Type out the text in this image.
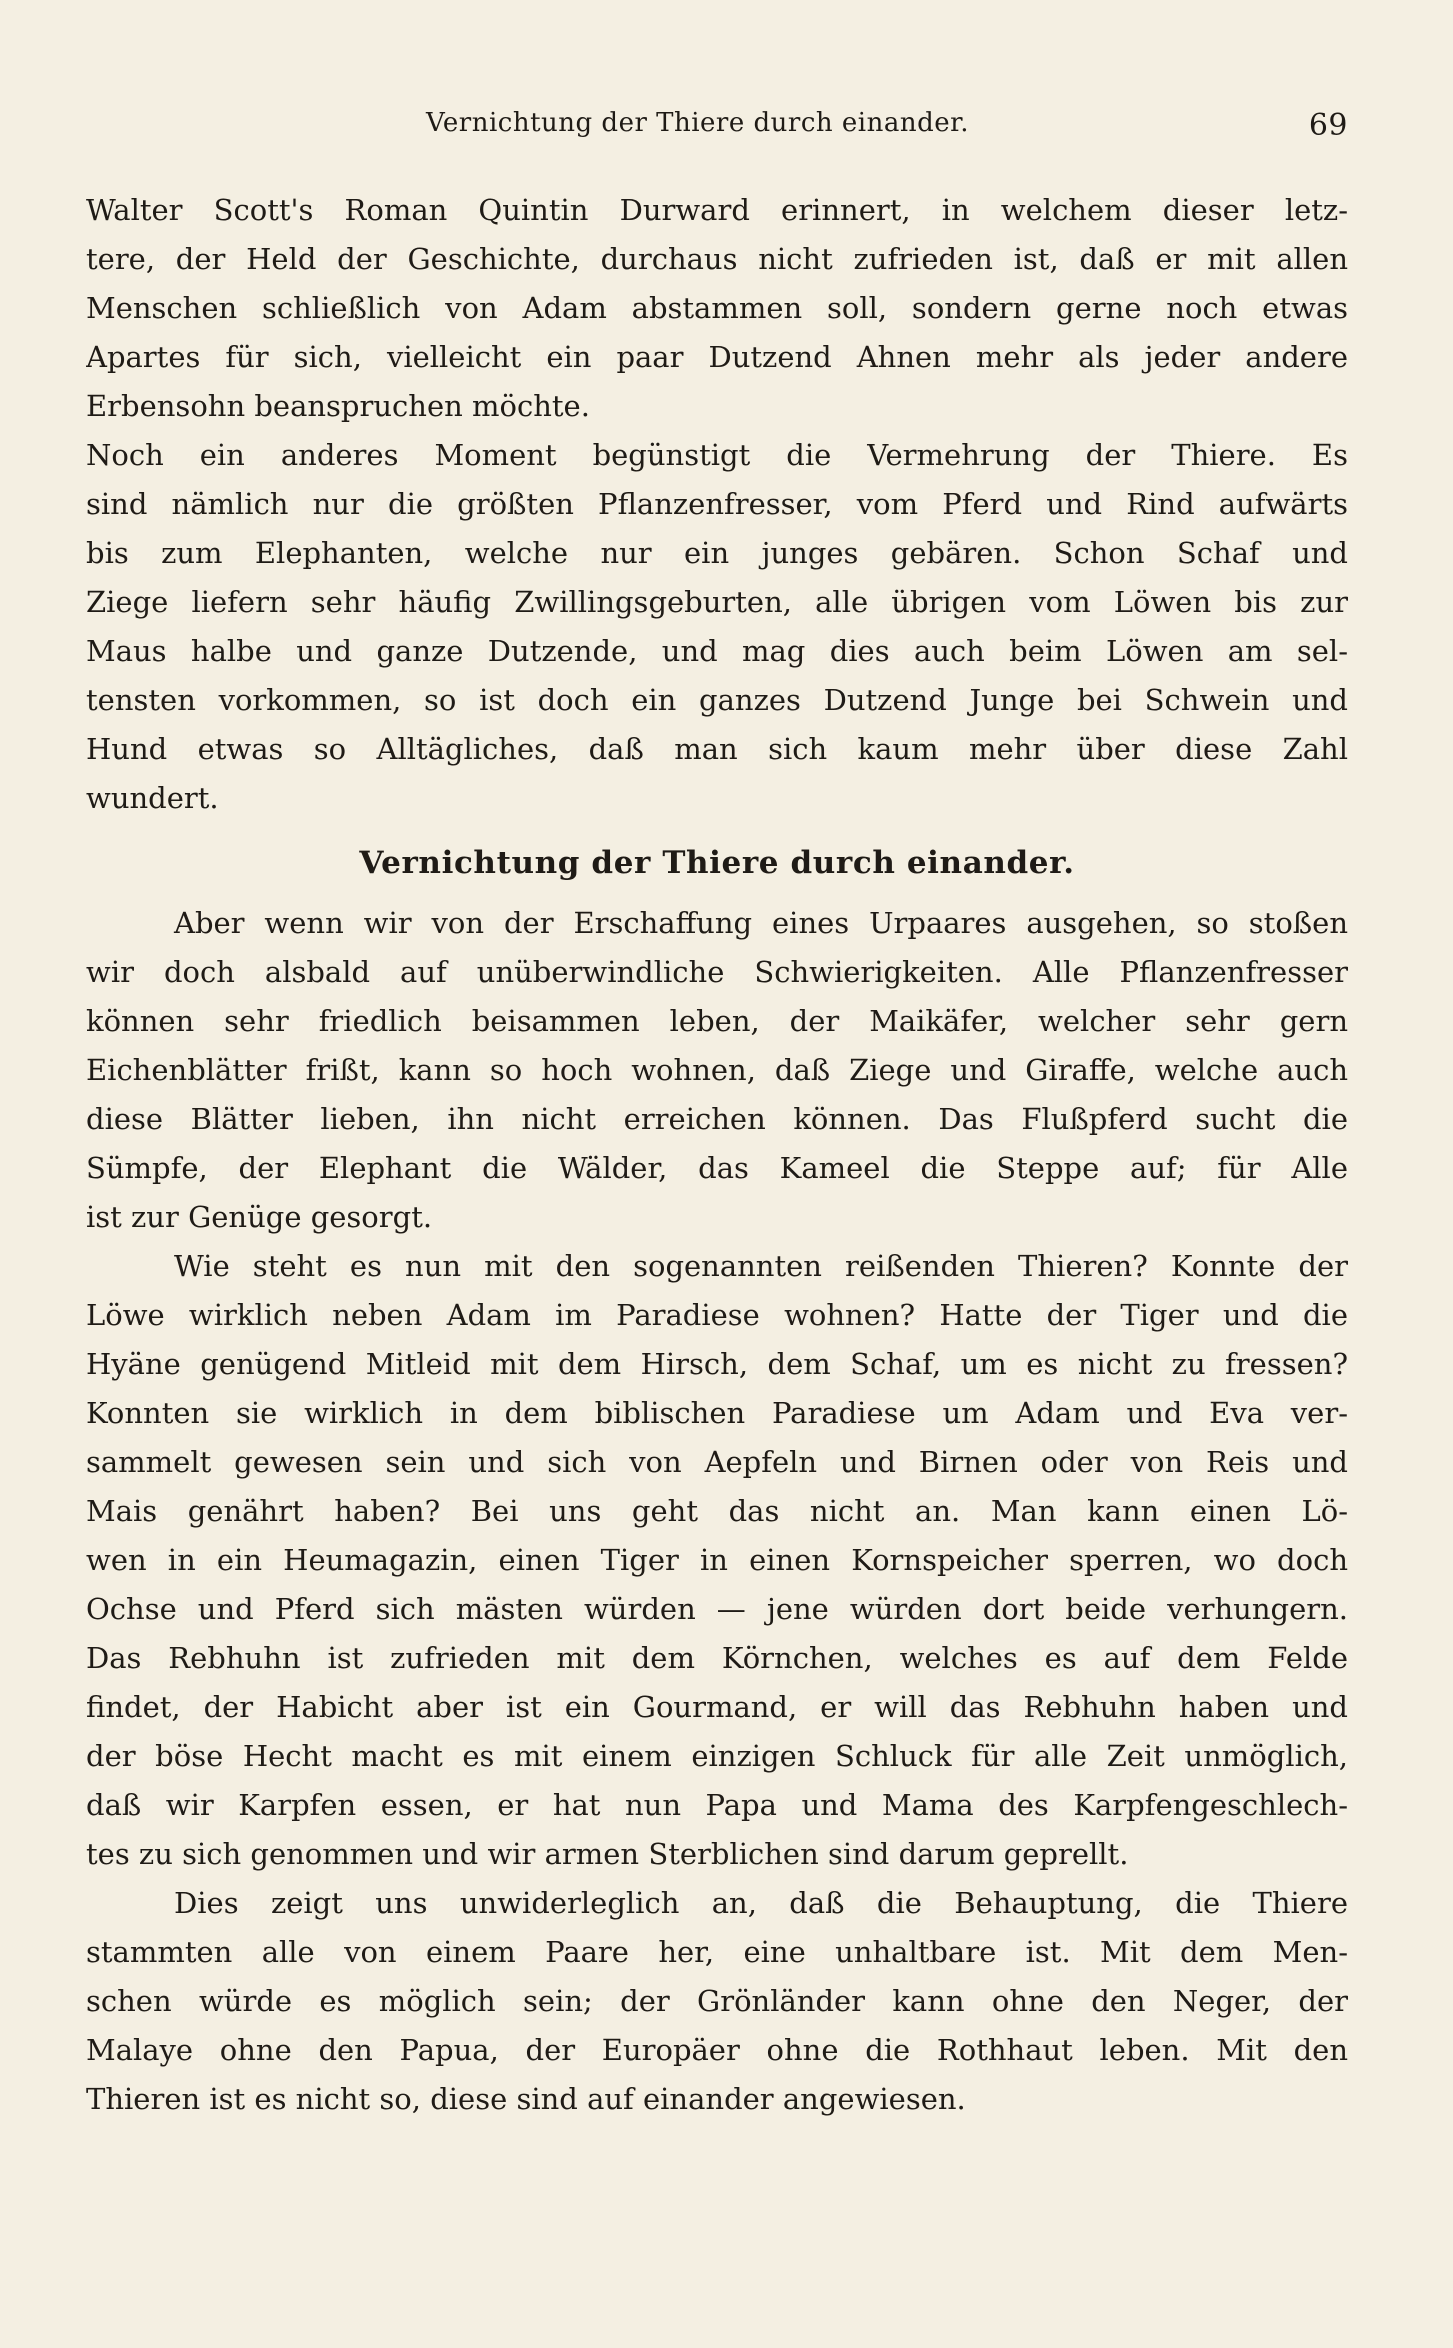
Vernichtung der Thiere durch einander.	69
Walter Scott's Roman Quintin Durward erinnert, in welchem dieser letz-
tere, der Held der Geschichte, durchaus nicht zufrieden ist, daß er mit allen
Menschen schließlich von Adam abstammen soll, sondern gerne noch etwas
Apartes für sich, vielleicht ein paar Dutzend Ahnen mehr als jeder andere
Erbensohn beanspruchen möchte.
Noch ein anderes Moment begünstigt die Vermehrung der Thiere. Es
sind nämlich nur die größten Pflanzenfresser, vom Pferd und Rind aufwärts
bis zum Elephanten, welche nur ein junges gebären. Schon Schaf und
Ziege liefern sehr häufig Zwillingsgeburten, alle übrigen vom Löwen bis zur
Maus halbe und ganze Dutzende, und mag dies auch beim Löwen am sel-
tensten vorkommen, so ist doch ein ganzes Dutzend Junge bei Schwein und
Hund etwas so Alltägliches, daß man sich kaum mehr über diese Zahl
wundert.
Vernichtung der Thiere durch einander.
Aber wenn wir von der Erschaffung eines Urpaares ausgehen, so stoßen
wir doch alsbald auf unüberwindliche Schwierigkeiten. Alle Pflanzenfresser
können sehr friedlich beisammen leben, der Maikäfer, welcher sehr gern
Eichenblätter frißt, kann so hoch wohnen, daß Ziege und Giraffe, welche auch
diese Blätter lieben, ihn nicht erreichen können. Das Flußpferd sucht die
Sümpfe, der Elephant die Wälder, das Kameel die Steppe auf; für Alle
ist zur Genüge gesorgt.
Wie steht es nun mit den sogenannten reißenden Thieren? Konnte der
Löwe wirklich neben Adam im Paradiese wohnen? Hatte der Tiger und die
Hyäne genügend Mitleid mit dem Hirsch, dem Schaf, um es nicht zu fressen?
Konnten sie wirklich in dem biblischen Paradiese um Adam und Eva ver-
sammelt gewesen sein und sich von Aepfeln und Birnen oder von Reis und
Mais genährt haben? Bei uns geht das nicht an. Man kann einen Lö-
wen in ein Heumagazin, einen Tiger in einen Kornspeicher sperren, wo doch
Ochse und Pferd sich mästen würden — jene würden dort beide verhungern.
Das Rebhuhn ist zufrieden mit dem Körnchen, welches es auf dem Felde
findet, der Habicht aber ist ein Gourmand, er will das Rebhuhn haben und
der böse Hecht macht es mit einem einzigen Schluck für alle Zeit unmöglich,
daß wir Karpfen essen, er hat nun Papa und Mama des Karpfengeschlech-
tes zu sich genommen und wir armen Sterblichen sind darum geprellt.
Dies zeigt uns unwiderleglich an, daß die Behauptung, die Thiere
stammten alle von einem Paare her, eine unhaltbare ist. Mit dem Men-
schen würde es möglich sein; der Grönländer kann ohne den Neger, der
Malaye ohne den Papua, der Europäer ohne die Rothhaut leben. Mit den
Thieren ist es nicht so, diese sind auf einander angewiesen.
